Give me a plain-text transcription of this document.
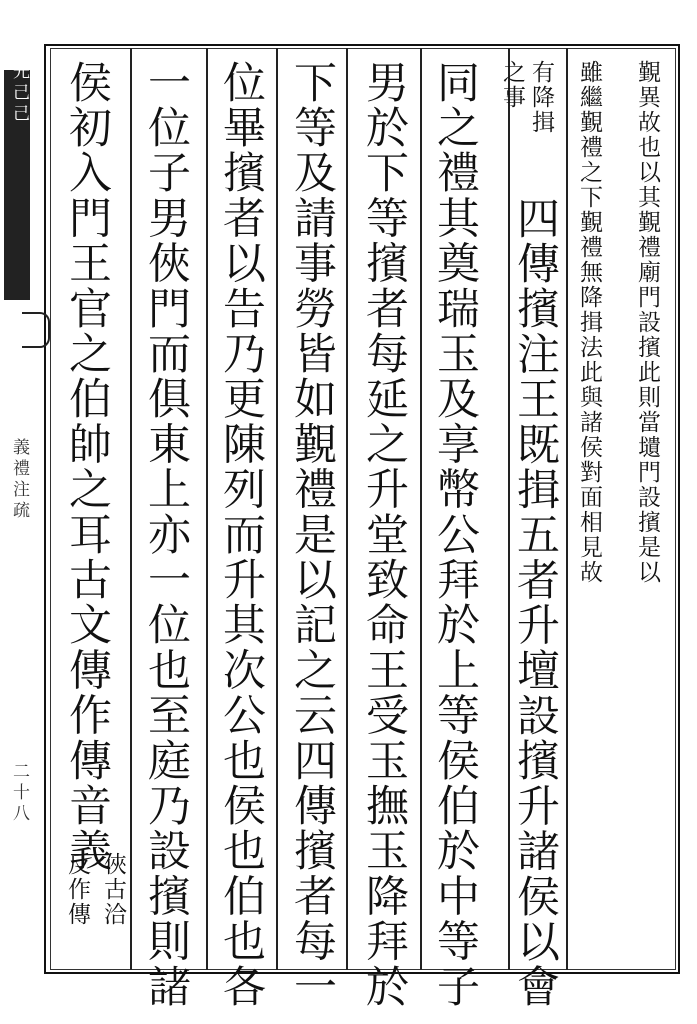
先己己
義禮注疏
二十八
覲異故也以其覲禮廟門設擯此則當壝門設擯是以
雖繼覲禮之下覲禮無降揖法此與諸侯對面相見故
有降揖
之事
四傳擯注王既揖五者升壇設擯升諸侯以會
同之禮其奠瑞玉及享幣公拜於上等侯伯於中等子
男於下等擯者每延之升堂致命王受玉撫玉降拜於
下等及請事勞皆如覲禮是以記之云四傳擯者每一
位畢擯者以告乃更陳列而升其次公也侯也伯也各
一位子男俠門而俱東上亦一位也至庭乃設擯則諸
侯初入門王官之伯帥之耳古文傳作傳音義
俠古洽
反作傳
